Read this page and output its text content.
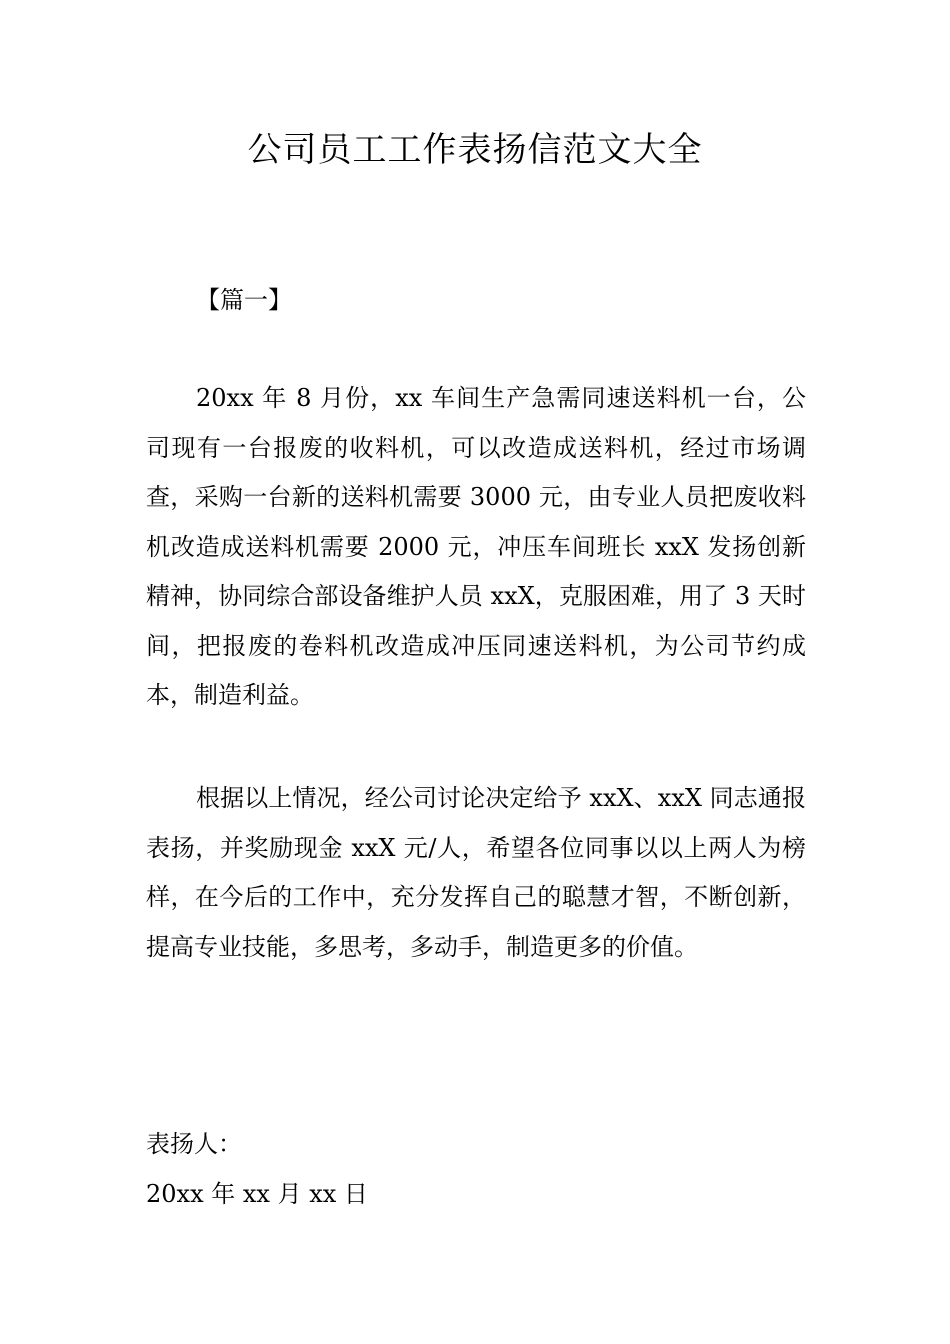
公司员工工作表扬信范文大全
【篇一】

20xx 年 8 月份，xx 车间生产急需同速送料机一台，公司现有一台报废的收料机，可以改造成送料机，经过市场调查，采购一台新的送料机需要 3000 元，由专业人员把废收料机改造成送料机需要 2000 元，冲压车间班长 xxX 发扬创新精神，协同综合部设备维护人员 xxX，克服困难，用了 3 天时间，把报废的卷料机改造成冲压同速送料机，为公司节约成本，制造利益。

根据以上情况，经公司讨论决定给予 xxX、xxX 同志通报表扬，并奖励现金 xxX 元/人，希望各位同事以以上两人为榜样，在今后的工作中，充分发挥自己的聪慧才智，不断创新，提高专业技能，多思考，多动手，制造更多的价值。

表扬人：
20xx 年 xx 月 xx 日
